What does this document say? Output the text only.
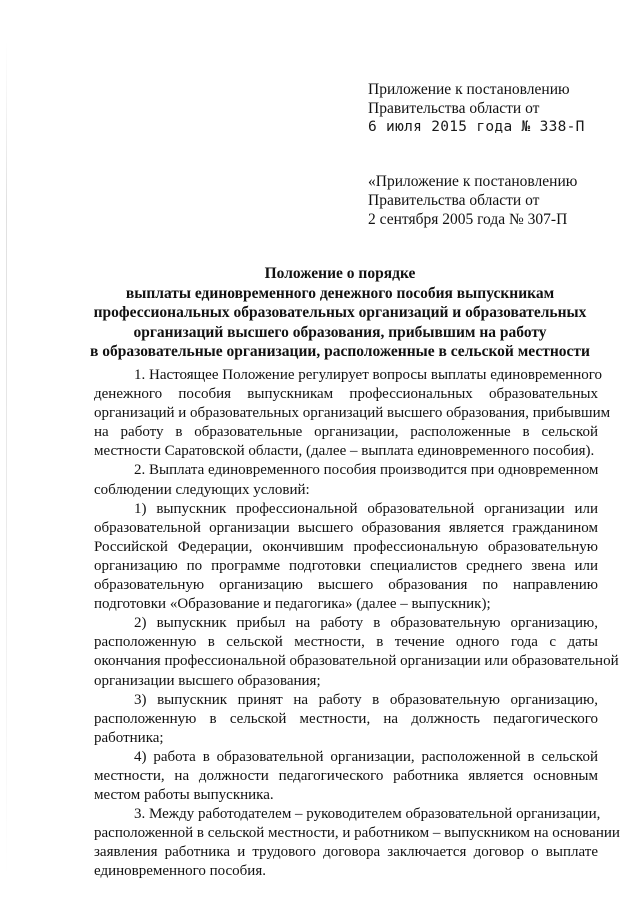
Приложение к постановлению
Правительства области от
6 июля 2015 года № 338-П
«Приложение к постановлению
Правительства области от
2 сентября 2005 года № 307-П
Положение о порядке
выплаты единовременного денежного пособия выпускникам
профессиональных образовательных организаций и образовательных
организаций высшего образования, прибывшим на работу
в образовательные организации, расположенные в сельской местности
1. Настоящее Положение регулирует вопросы выплаты единовременного
денежного пособия выпускникам профессиональных образовательных
организаций и образовательных организаций высшего образования, прибывшим
на работу в образовательные организации, расположенные в сельской
местности Саратовской области, (далее – выплата единовременного пособия).
2. Выплата единовременного пособия производится при одновременном
соблюдении следующих условий:
1) выпускник профессиональной образовательной организации или
образовательной организации высшего образования является гражданином
Российской Федерации, окончившим профессиональную образовательную
организацию по программе подготовки специалистов среднего звена или
образовательную организацию высшего образования по направлению
подготовки «Образование и педагогика» (далее – выпускник);
2) выпускник прибыл на работу в образовательную организацию,
расположенную в сельской местности, в течение одного года с даты
окончания профессиональной образовательной организации или образовательной
организации высшего образования;
3) выпускник принят на работу в образовательную организацию,
расположенную в сельской местности, на должность педагогического
работника;
4) работа в образовательной организации, расположенной в сельской
местности, на должности педагогического работника является основным
местом работы выпускника.
3. Между работодателем – руководителем образовательной организации,
расположенной в сельской местности, и работником – выпускником на основании
заявления работника и трудового договора заключается договор о выплате
единовременного пособия.
